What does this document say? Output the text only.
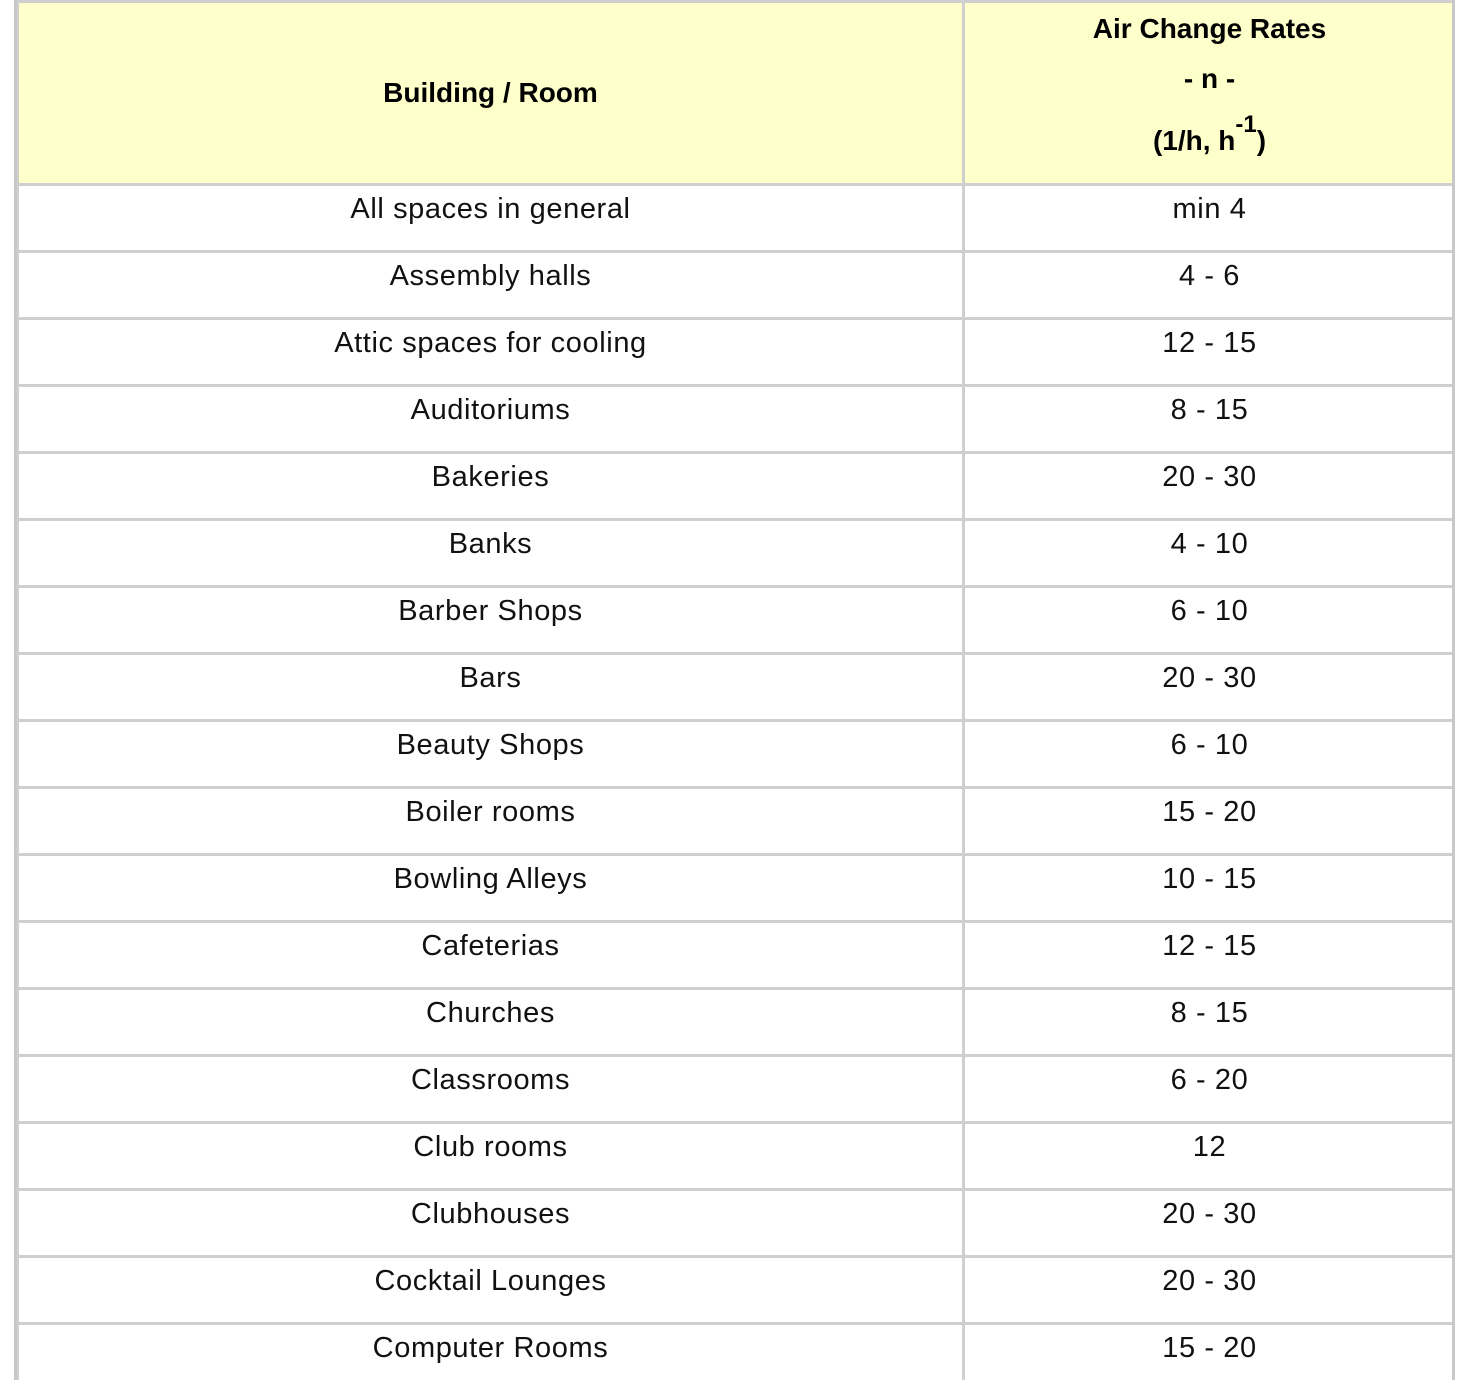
Building / Room	Air Change Rates
- n -
(1/h, $h^{-1}$)

All spaces in general	min 4
Assembly halls	4 - 6
Attic spaces for cooling	12 - 15
Auditoriums	8 - 15
Bakeries	20 - 30
Banks	4 - 10
Barber Shops	6 - 10
Bars	20 - 30
Beauty Shops	6 - 10
Boiler rooms	15 - 20
Bowling Alleys	10 - 15
Cafeterias	12 - 15
Churches	8 - 15
Classrooms	6 - 20
Club rooms	12
Clubhouses	20 - 30
Cocktail Lounges	20 - 30
Computer Rooms	15 - 20
